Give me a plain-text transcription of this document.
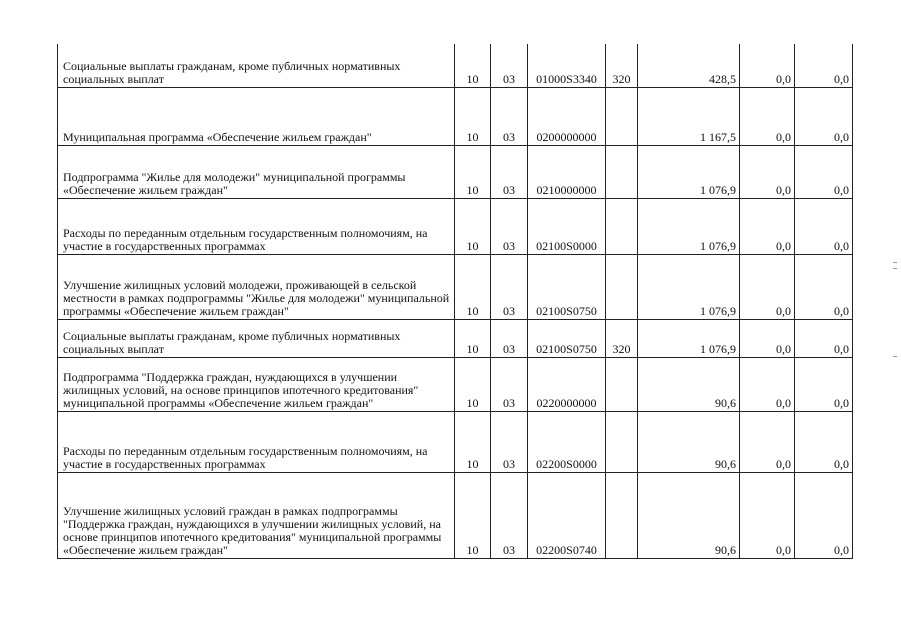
Социальные выплаты гражданам, кроме публичных нормативных социальных выплат	10	03	01000S3340	320	428,5	0,0	0,0
Муниципальная программа «Обеспечение жильем граждан"	10	03	0200000000		1 167,5	0,0	0,0
Подпрограмма "Жилье для молодежи" муниципальной программы «Обеспечение жильем граждан"	10	03	0210000000		1 076,9	0,0	0,0
Расходы по переданным отдельным государственным полномочиям, на участие в государственных программах	10	03	02100S0000		1 076,9	0,0	0,0
Улучшение жилищных условий молодежи, проживающей в сельской местности в рамках подпрограммы "Жилье для молодежи" муниципальной программы «Обеспечение жильем граждан"	10	03	02100S0750		1 076,9	0,0	0,0
Социальные выплаты гражданам, кроме публичных нормативных социальных выплат	10	03	02100S0750	320	1 076,9	0,0	0,0
Подпрограмма "Поддержка граждан, нуждающихся в улучшении жилищных условий, на основе принципов ипотечного кредитования" муниципальной программы «Обеспечение жильем граждан"	10	03	0220000000		90,6	0,0	0,0
Расходы по переданным отдельным государственным полномочиям, на участие в государственных программах	10	03	02200S0000		90,6	0,0	0,0
Улучшение жилищных условий граждан в рамках подпрограммы "Поддержка граждан, нуждающихся в улучшении жилищных условий, на основе принципов ипотечного кредитования" муниципальной программы «Обеспечение жильем граждан"	10	03	02200S0740		90,6	0,0	0,0
